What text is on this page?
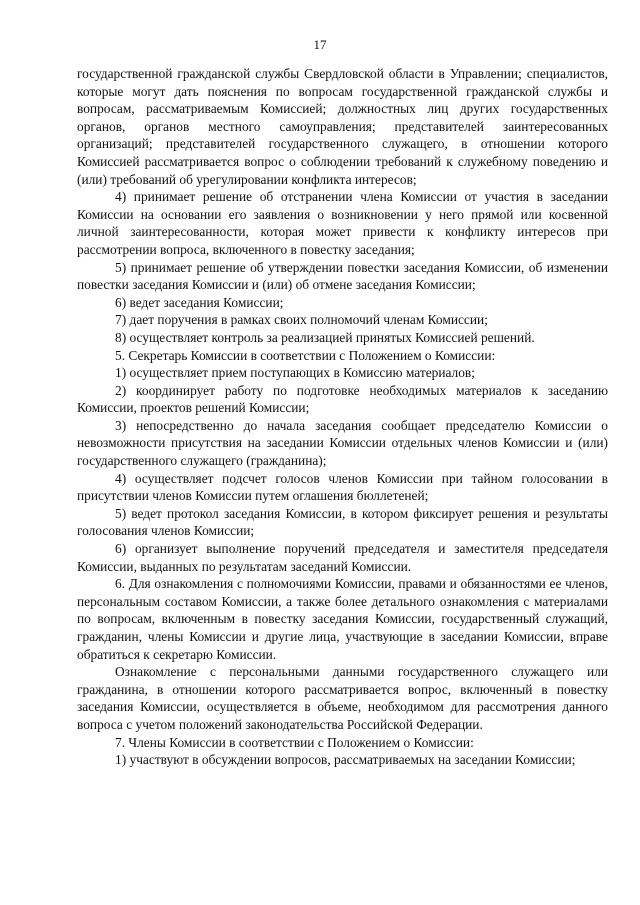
17

государственной гражданской службы Свердловской области в Управлении; специалистов, которые могут дать пояснения по вопросам государственной гражданской службы и вопросам, рассматриваемым Комиссией; должностных лиц других государственных органов, органов местного самоуправления; представителей заинтересованных организаций; представителей государственного служащего, в отношении которого Комиссией рассматривается вопрос о соблюдении требований к служебному поведению и (или) требований об урегулировании конфликта интересов;

4) принимает решение об отстранении члена Комиссии от участия в заседании Комиссии на основании его заявления о возникновении у него прямой или косвенной личной заинтересованности, которая может привести к конфликту интересов при рассмотрении вопроса, включенного в повестку заседания;

5) принимает решение об утверждении повестки заседания Комиссии, об изменении повестки заседания Комиссии и (или) об отмене заседания Комиссии;

6) ведет заседания Комиссии;

7) дает поручения в рамках своих полномочий членам Комиссии;

8) осуществляет контроль за реализацией принятых Комиссией решений.

5. Секретарь Комиссии в соответствии с Положением о Комиссии:

1) осуществляет прием поступающих в Комиссию материалов;

2) координирует работу по подготовке необходимых материалов к заседанию Комиссии, проектов решений Комиссии;

3) непосредственно до начала заседания сообщает председателю Комиссии о невозможности присутствия на заседании Комиссии отдельных членов Комиссии и (или) государственного служащего (гражданина);

4) осуществляет подсчет голосов членов Комиссии при тайном голосовании в присутствии членов Комиссии путем оглашения бюллетеней;

5) ведет протокол заседания Комиссии, в котором фиксирует решения и результаты голосования членов Комиссии;

6) организует выполнение поручений председателя и заместителя председателя Комиссии, выданных по результатам заседаний Комиссии.

6. Для ознакомления с полномочиями Комиссии, правами и обязанностями ее членов, персональным составом Комиссии, а также более детального ознакомления с материалами по вопросам, включенным в повестку заседания Комиссии, государственный служащий, гражданин, члены Комиссии и другие лица, участвующие в заседании Комиссии, вправе обратиться к секретарю Комиссии.

Ознакомление с персональными данными государственного служащего или гражданина, в отношении которого рассматривается вопрос, включенный в повестку заседания Комиссии, осуществляется в объеме, необходимом для рассмотрения данного вопроса с учетом положений законодательства Российской Федерации.

7. Члены Комиссии в соответствии с Положением о Комиссии:

1) участвуют в обсуждении вопросов, рассматриваемых на заседании Комиссии;
